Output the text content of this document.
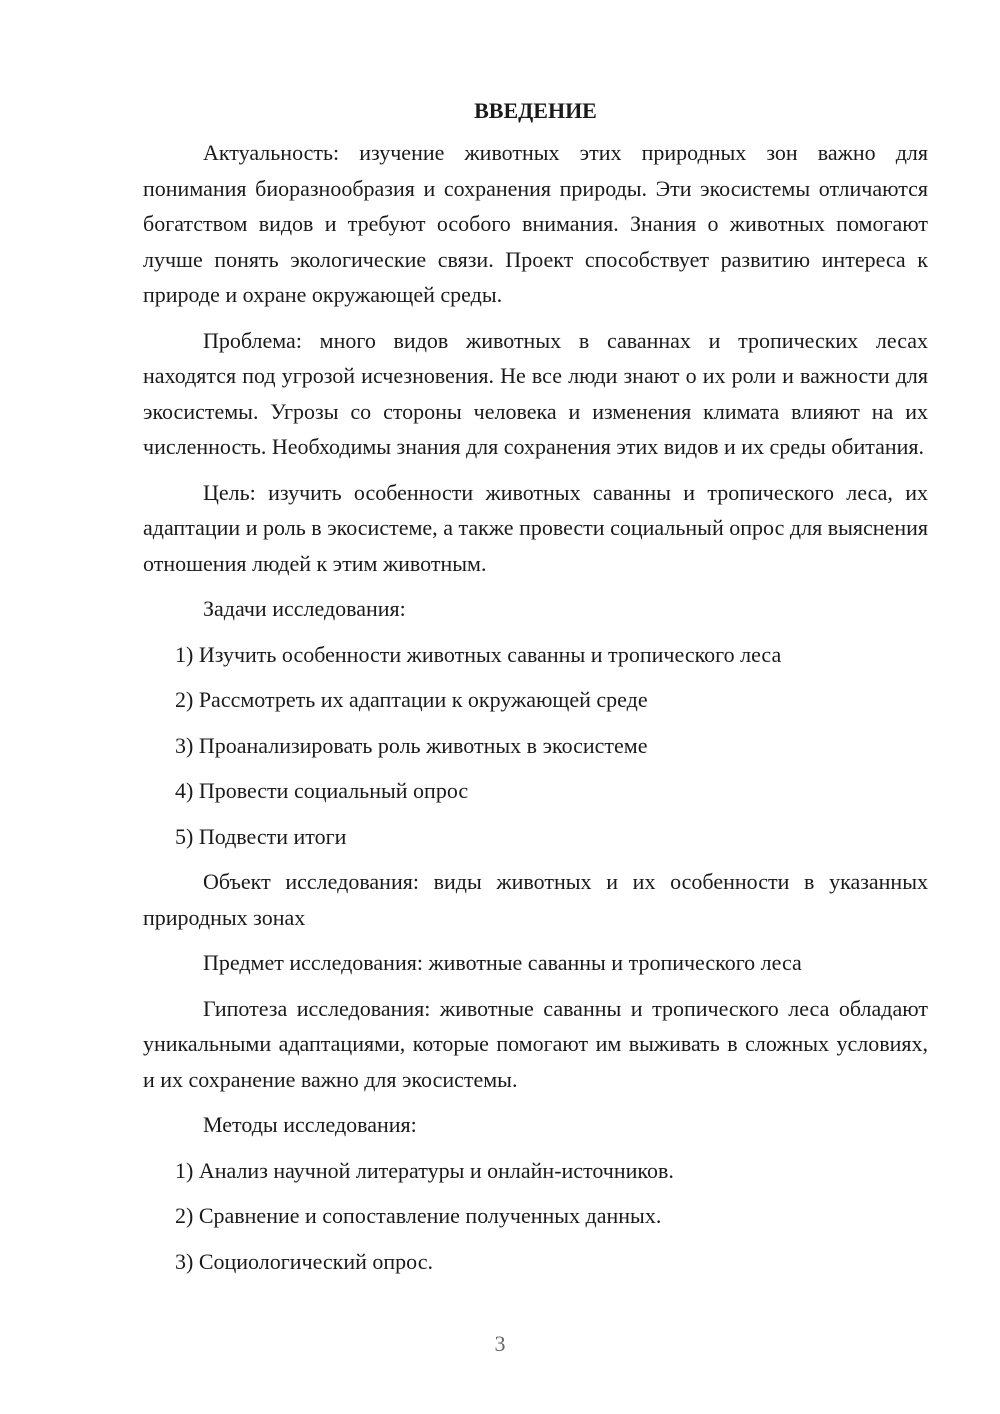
ВВЕДЕНИЕ
Актуальность: изучение животных этих природных зон важно для понимания биоразнообразия и сохранения природы. Эти экосистемы отличаются богатством видов и требуют особого внимания. Знания о животных помогают лучше понять экологические связи. Проект способствует развитию интереса к природе и охране окружающей среды.
Проблема: много видов животных в саваннах и тропических лесах находятся под угрозой исчезновения. Не все люди знают о их роли и важности для экосистемы. Угрозы со стороны человека и изменения климата влияют на их численность. Необходимы знания для сохранения этих видов и их среды обитания.
Цель: изучить особенности животных саванны и тропического леса, их адаптации и роль в экосистеме, а также провести социальный опрос для выяснения отношения людей к этим животным.
Задачи исследования:
1) Изучить особенности животных саванны и тропического леса
2) Рассмотреть их адаптации к окружающей среде
3) Проанализировать роль животных в экосистеме
4) Провести социальный опрос
5) Подвести итоги
Объект исследования: виды животных и их особенности в указанных природных зонах
Предмет исследования: животные саванны и тропического леса
Гипотеза исследования: животные саванны и тропического леса обладают уникальными адаптациями, которые помогают им выживать в сложных условиях, и их сохранение важно для экосистемы.
Методы исследования:
1) Анализ научной литературы и онлайн-источников.
2) Сравнение и сопоставление полученных данных.
3) Социологический опрос.
3
